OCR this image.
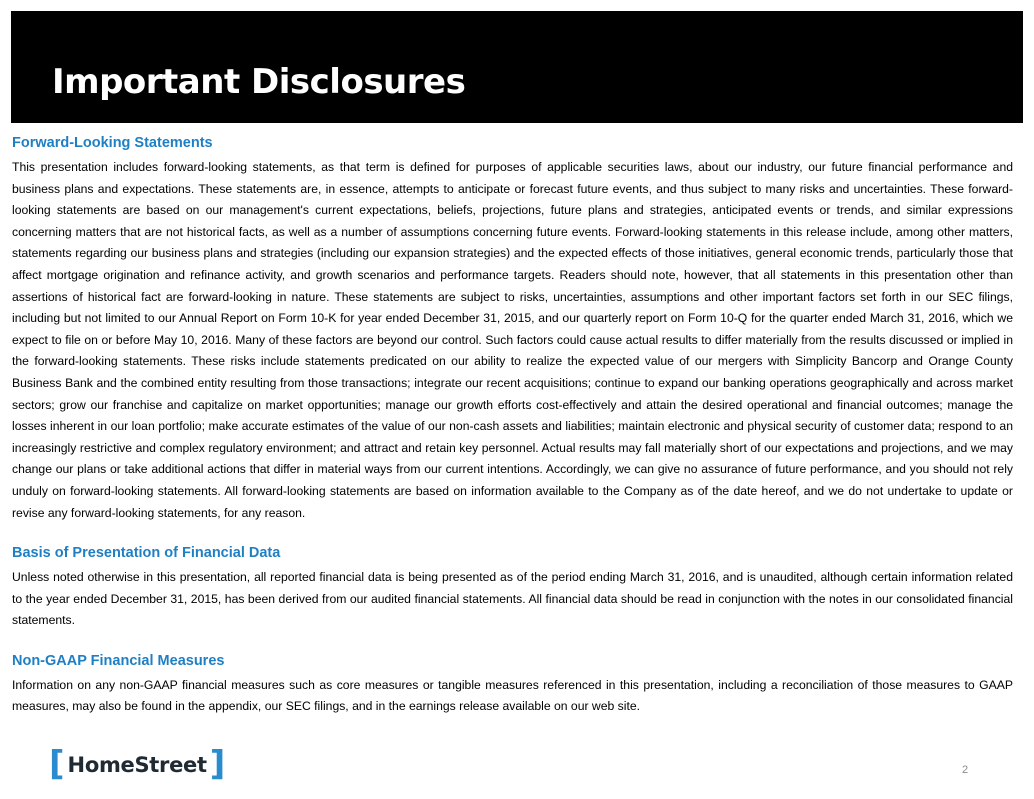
Important Disclosures
Forward-Looking Statements

This presentation includes forward-looking statements, as that term is defined for purposes of applicable securities laws, about our industry, our future financial performance and business plans and expectations. These statements are, in essence, attempts to anticipate or forecast future events, and thus subject to many risks and uncertainties. These forward-looking statements are based on our management's current expectations, beliefs, projections, future plans and strategies, anticipated events or trends, and similar expressions concerning matters that are not historical facts, as well as a number of assumptions concerning future events. Forward-looking statements in this release include, among other matters, statements regarding our business plans and strategies (including our expansion strategies) and the expected effects of those initiatives, general economic trends, particularly those that affect mortgage origination and refinance activity, and growth scenarios and performance targets. Readers should note, however, that all statements in this presentation other than assertions of historical fact are forward-looking in nature. These statements are subject to risks, uncertainties, assumptions and other important factors set forth in our SEC filings, including but not limited to our Annual Report on Form 10-K for year ended December 31, 2015, and our quarterly report on Form 10-Q for the quarter ended March 31, 2016, which we expect to file on or before May 10, 2016. Many of these factors are beyond our control. Such factors could cause actual results to differ materially from the results discussed or implied in the forward-looking statements. These risks include statements predicated on our ability to realize the expected value of our mergers with Simplicity Bancorp and Orange County Business Bank and the combined entity resulting from those transactions; integrate our recent acquisitions; continue to expand our banking operations geographically and across market sectors; grow our franchise and capitalize on market opportunities; manage our growth efforts cost-effectively and attain the desired operational and financial outcomes; manage the losses inherent in our loan portfolio; make accurate estimates of the value of our non-cash assets and liabilities; maintain electronic and physical security of customer data; respond to an increasingly restrictive and complex regulatory environment; and attract and retain key personnel. Actual results may fall materially short of our expectations and projections, and we may change our plans or take additional actions that differ in material ways from our current intentions. Accordingly, we can give no assurance of future performance, and you should not rely unduly on forward-looking statements. All forward-looking statements are based on information available to the Company as of the date hereof, and we do not undertake to update or revise any forward-looking statements, for any reason.

Basis of Presentation of Financial Data

Unless noted otherwise in this presentation, all reported financial data is being presented as of the period ending March 31, 2016, and is unaudited, although certain information related to the year ended December 31, 2015, has been derived from our audited financial statements. All financial data should be read in conjunction with the notes in our consolidated financial statements.

Non-GAAP Financial Measures

Information on any non-GAAP financial measures such as core measures or tangible measures referenced in this presentation, including a reconciliation of those measures to GAAP measures, may also be found in the appendix, our SEC filings, and in the earnings release available on our web site.

[ HomeStreet ]	2
